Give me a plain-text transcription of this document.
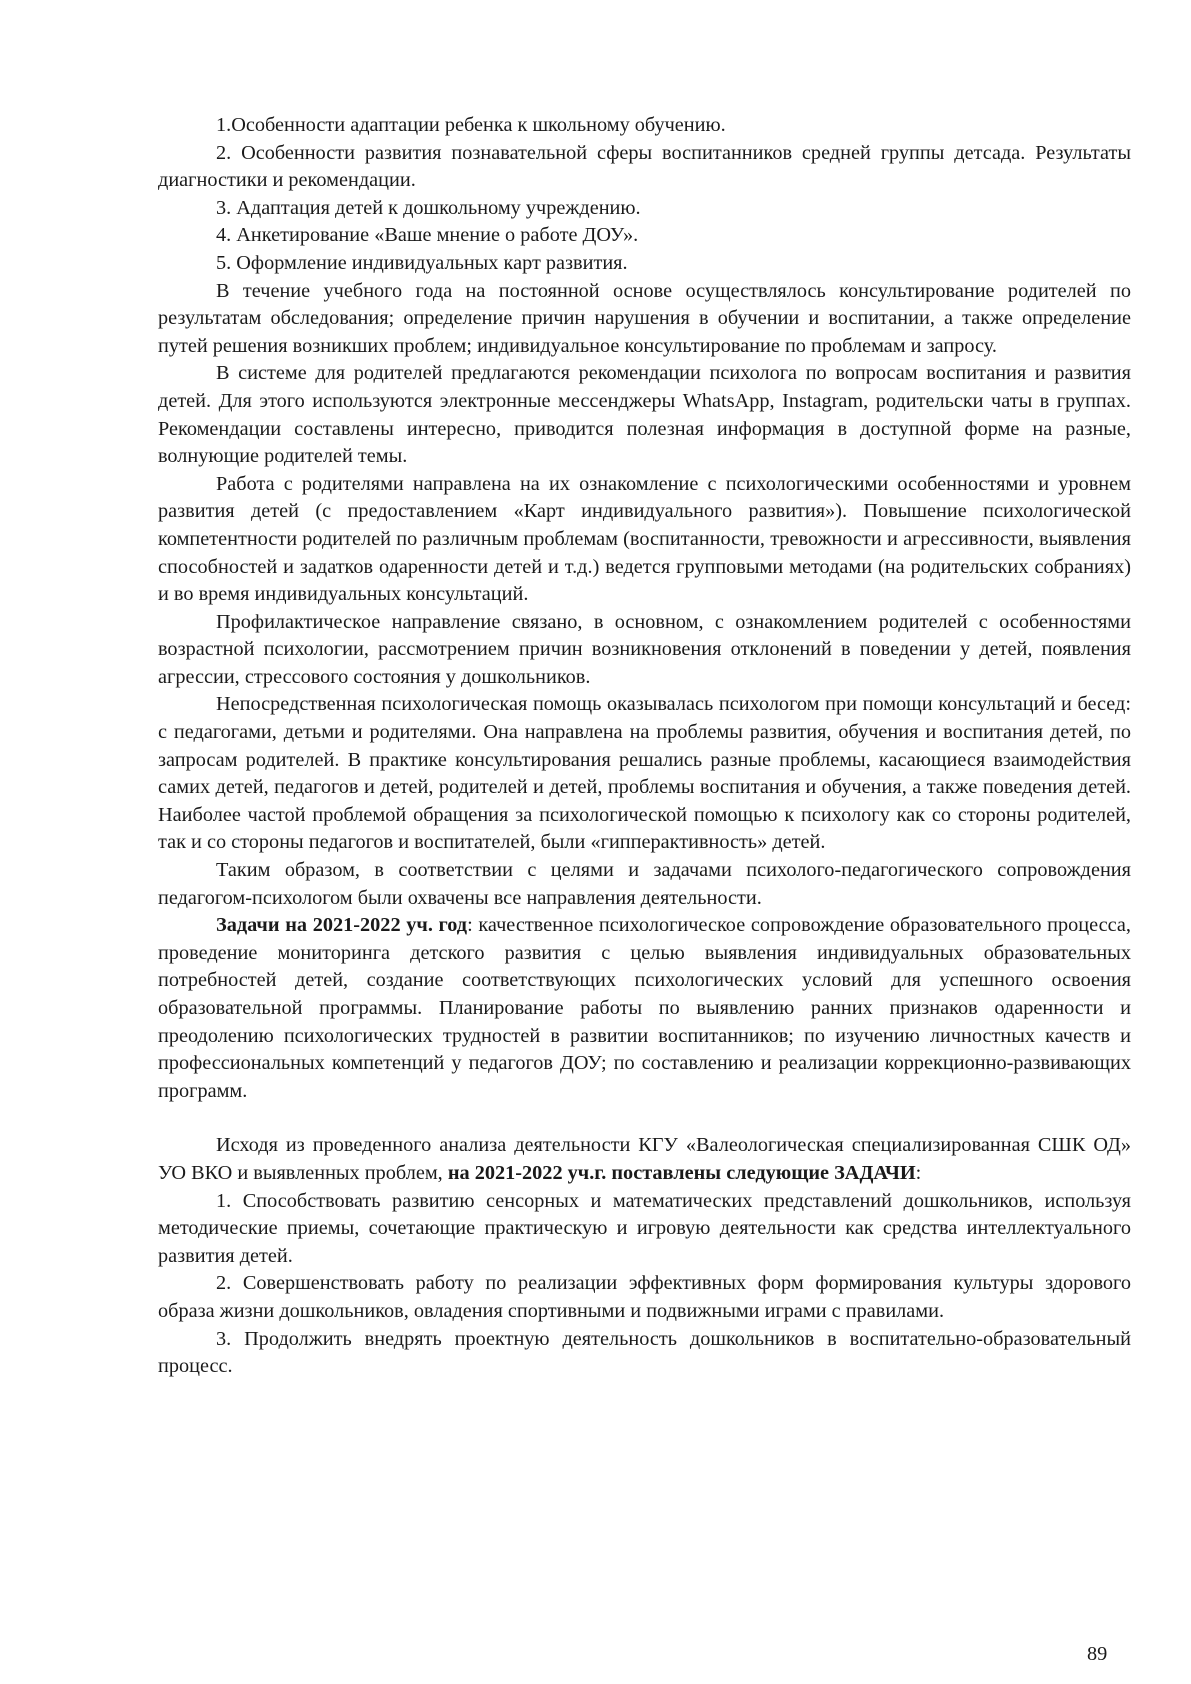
1.Особенности адаптации ребенка к школьному обучению.

2. Особенности развития познавательной сферы воспитанников средней группы детсада. Результаты диагностики и рекомендации.

3. Адаптация детей к дошкольному учреждению.

4. Анкетирование «Ваше мнение о работе ДОУ».

5. Оформление индивидуальных карт развития.

В течение учебного года на постоянной основе осуществлялось консультирование родителей по результатам обследования; определение причин нарушения в обучении и воспитании, а также определение путей решения возникших проблем; индивидуальное консультирование по проблемам и запросу.

В системе для родителей предлагаются рекомендации психолога по вопросам воспитания и развития детей. Для этого используются электронные мессенджеры WhatsApp, Instagram, родительски чаты в группах. Рекомендации составлены интересно, приводится полезная информация в доступной форме на разные, волнующие родителей темы.

Работа с родителями направлена на их ознакомление с психологическими особенностями и уровнем развития детей (с предоставлением «Карт индивидуального развития»). Повышение психологической компетентности родителей по различным проблемам (воспитанности, тревожности и агрессивности, выявления способностей и задатков одаренности детей и т.д.) ведется групповыми методами (на родительских собраниях) и во время индивидуальных консультаций.

Профилактическое направление связано, в основном, с ознакомлением родителей с особенностями возрастной психологии, рассмотрением причин возникновения отклонений в поведении у детей, появления агрессии, стрессового состояния у дошкольников.

Непосредственная психологическая помощь оказывалась психологом при помощи консультаций и бесед: с педагогами, детьми и родителями. Она направлена на проблемы развития, обучения и воспитания детей, по запросам родителей. В практике консультирования решались разные проблемы, касающиеся взаимодействия самих детей, педагогов и детей, родителей и детей, проблемы воспитания и обучения, а также поведения детей. Наиболее частой проблемой обращения за психологической помощью к психологу как со стороны родителей, так и со стороны педагогов и воспитателей, были «гипперактивность» детей.

Таким образом, в соответствии с целями и задачами психолого-педагогического сопровождения педагогом-психологом были охвачены все направления деятельности.

Задачи на 2021-2022 уч. год: качественное психологическое сопровождение образовательного процесса, проведение мониторинга детского развития с целью выявления индивидуальных образовательных потребностей детей, создание соответствующих психологических условий для успешного освоения образовательной программы. Планирование работы по выявлению ранних признаков одаренности и преодолению психологических трудностей в развитии воспитанников; по изучению личностных качеств и профессиональных компетенций у педагогов ДОУ; по составлению и реализации коррекционно-развивающих программ.

Исходя из проведенного анализа деятельности КГУ «Валеологическая специализированная СШК ОД» УО ВКО и выявленных проблем, на 2021-2022 уч.г. поставлены следующие ЗАДАЧИ:

1. Способствовать развитию сенсорных и математических представлений дошкольников, используя методические приемы, сочетающие практическую и игровую деятельности как средства интеллектуального развития детей.

2. Совершенствовать работу по реализации эффективных форм формирования культуры здорового образа жизни дошкольников, овладения спортивными и подвижными играми с правилами.

3. Продолжить внедрять проектную деятельность дошкольников в воспитательно-образовательный процесс.

89
